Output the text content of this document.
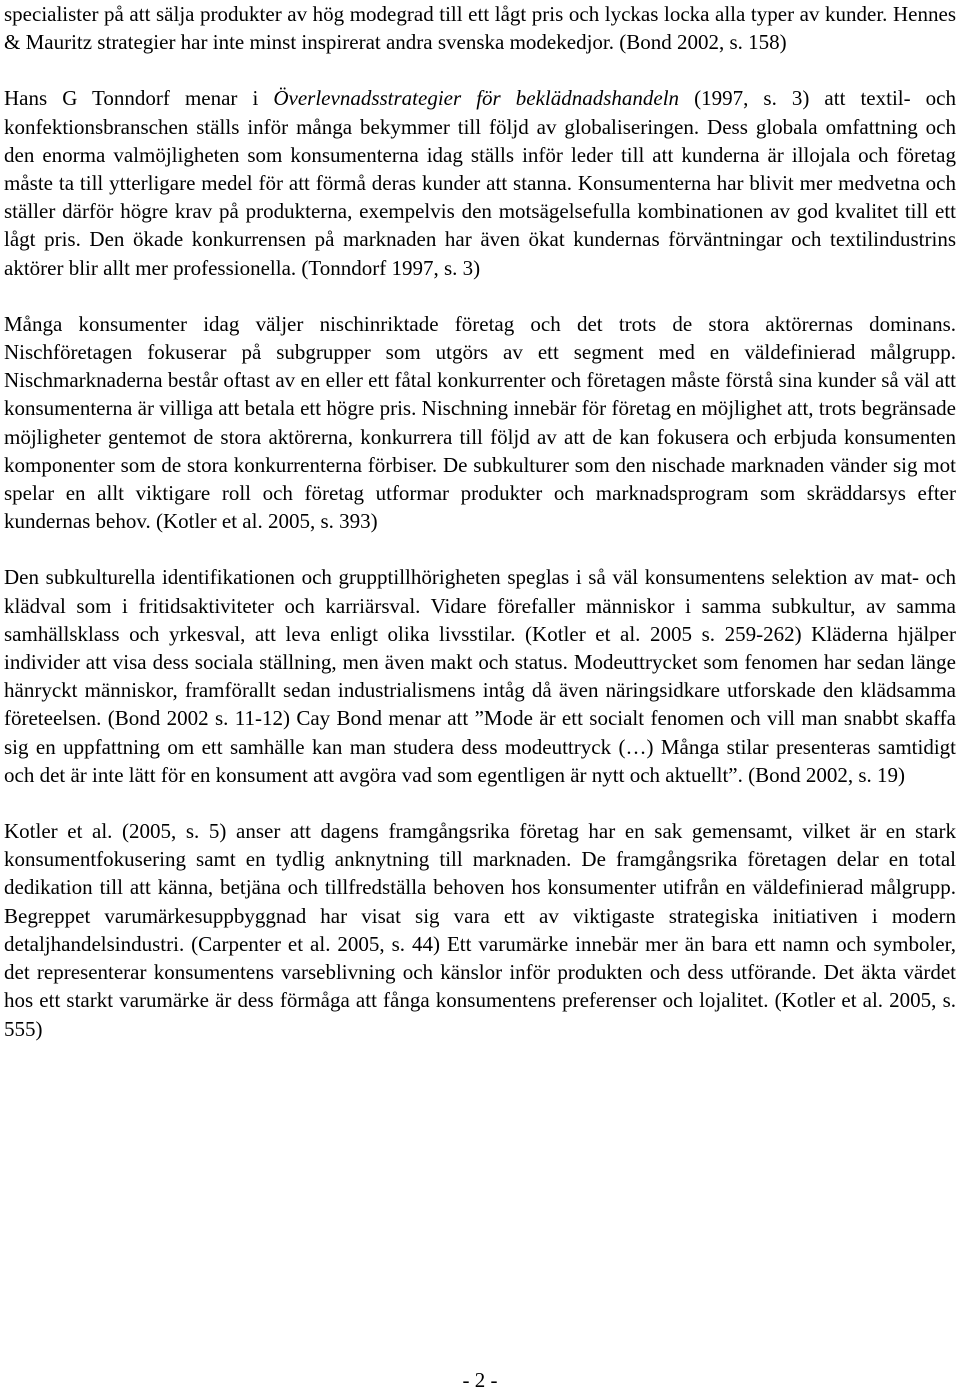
specialister på att sälja produkter av hög modegrad till ett lågt pris och lyckas locka alla typer av kunder. Hennes & Mauritz strategier har inte minst inspirerat andra svenska modekedjor. (Bond 2002, s. 158)

Hans G Tonndorf menar i Överlevnadsstrategier för beklädnadshandeln (1997, s. 3) att textil- och konfektionsbranschen ställs inför många bekymmer till följd av globaliseringen. Dess globala omfattning och den enorma valmöjligheten som konsumenterna idag ställs inför leder till att kunderna är illojala och företag måste ta till ytterligare medel för att förmå deras kunder att stanna. Konsumenterna har blivit mer medvetna och ställer därför högre krav på produkterna, exempelvis den motsägelsefulla kombinationen av god kvalitet till ett lågt pris. Den ökade konkurrensen på marknaden har även ökat kundernas förväntningar och textilindustrins aktörer blir allt mer professionella. (Tonndorf 1997, s. 3)

Många konsumenter idag väljer nischinriktade företag och det trots de stora aktörernas dominans. Nischföretagen fokuserar på subgrupper som utgörs av ett segment med en väldefinierad målgrupp. Nischmarknaderna består oftast av en eller ett fåtal konkurrenter och företagen måste förstå sina kunder så väl att konsumenterna är villiga att betala ett högre pris. Nischning innebär för företag en möjlighet att, trots begränsade möjligheter gentemot de stora aktörerna, konkurrera till följd av att de kan fokusera och erbjuda konsumenten komponenter som de stora konkurrenterna förbiser. De subkulturer som den nischade marknaden vänder sig mot spelar en allt viktigare roll och företag utformar produkter och marknadsprogram som skräddarsys efter kundernas behov. (Kotler et al. 2005, s. 393)

Den subkulturella identifikationen och grupptillhörigheten speglas i så väl konsumentens selektion av mat- och klädval som i fritidsaktiviteter och karriärsval. Vidare förefaller människor i samma subkultur, av samma samhällsklass och yrkesval, att leva enligt olika livsstilar. (Kotler et al. 2005 s. 259-262) Kläderna hjälper individer att visa dess sociala ställning, men även makt och status. Modeuttrycket som fenomen har sedan länge hänryckt människor, framförallt sedan industrialismens intåg då även näringsidkare utforskade den klädsamma företeelsen. (Bond 2002 s. 11-12) Cay Bond menar att ”Mode är ett socialt fenomen och vill man snabbt skaffa sig en uppfattning om ett samhälle kan man studera dess modeuttryck (…) Många stilar presenteras samtidigt och det är inte lätt för en konsument att avgöra vad som egentligen är nytt och aktuellt”. (Bond 2002, s. 19)

Kotler et al. (2005, s. 5) anser att dagens framgångsrika företag har en sak gemensamt, vilket är en stark konsumentfokusering samt en tydlig anknytning till marknaden. De framgångsrika företagen delar en total dedikation till att känna, betjäna och tillfredställa behoven hos konsumenter utifrån en väldefinierad målgrupp. Begreppet varumärkesuppbyggnad har visat sig vara ett av viktigaste strategiska initiativen i modern detaljhandelsindustri. (Carpenter et al. 2005, s. 44) Ett varumärke innebär mer än bara ett namn och symboler, det representerar konsumentens varseblivning och känslor inför produkten och dess utförande. Det äkta värdet hos ett starkt varumärke är dess förmåga att fånga konsumentens preferenser och lojalitet. (Kotler et al. 2005, s. 555)

- 2 -
